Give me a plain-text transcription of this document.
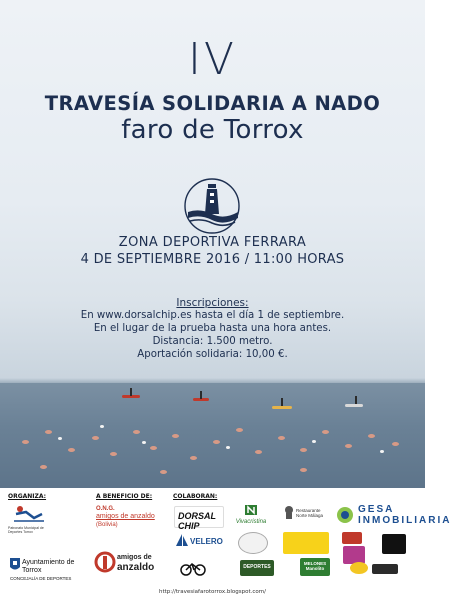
IV
TRAVESÍA SOLIDARIA A NADO
faro de Torrox
ZONA DEPORTIVA FERRARA
4 DE SEPTIEMBRE 2016 / 11:00 HORAS
Inscripciones:
En www.dorsalchip.es hasta el día 1 de septiembre.
En el lugar de la prueba hasta una hora antes.
Distancia: 1.500 metro.
Aportación solidaria: 10,00 €.
ORGANIZA:	A BENEFICIO DE:	COLABORAN:
Patronato Municipal de Deportes Torrox
Ayuntamiento de Torrox
CONCEJALÍA DE DEPORTES
O.N.G.
amigos de anzaldo
(Bolivia)
amigos de
anzaldo
DORSAL CHIP	Vivacristina
Restaurante Norte Málaga
GESA INMOBILIARIA
VELERO
DEPORTES
MELONES Manolito
http://travesiafarotorrox.blogspot.com/
